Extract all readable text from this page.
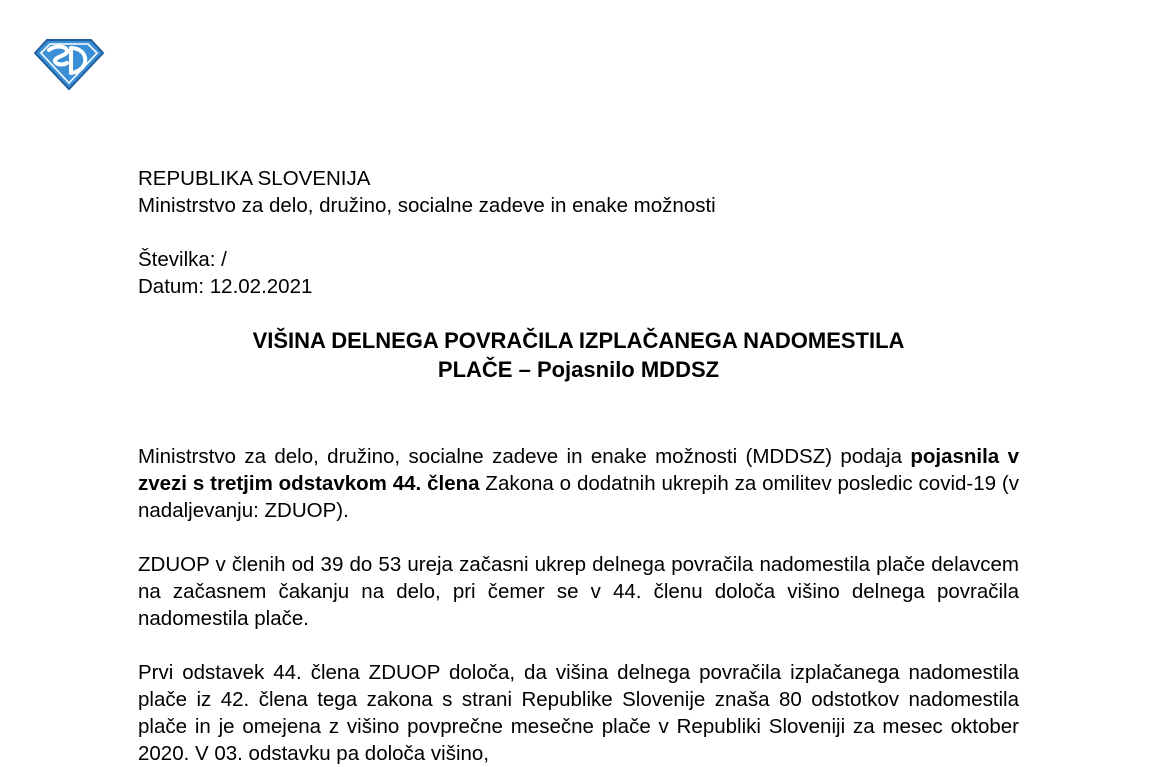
REPUBLIKA SLOVENIJA

Ministrstvo za delo, družino, socialne zadeve in enake možnosti

Številka: /

Datum: 12.02.2021

VIŠINA DELNEGA POVRAČILA IZPLAČANEGA NADOMESTILA
PLAČE – Pojasnilo MDDSZ

Ministrstvo za delo, družino, socialne zadeve in enake možnosti (MDDSZ) podaja pojasnila v zvezi s tretjim odstavkom 44. člena Zakona o dodatnih ukrepih za omilitev posledic covid-19 (v nadaljevanju: ZDUOP).

ZDUOP v členih od 39 do 53 ureja začasni ukrep delnega povračila nadomestila plače delavcem na začasnem čakanju na delo, pri čemer se v 44. členu določa višino delnega povračila nadomestila plače.

Prvi odstavek 44. člena ZDUOP določa, da višina delnega povračila izplačanega nadomestila plače iz 42. člena tega zakona s strani Republike Slovenije znaša 80 odstotkov nadomestila plače in je omejena z višino povprečne mesečne plače v Republiki Sloveniji za mesec oktober 2020. V 03. odstavku pa določa višino,
